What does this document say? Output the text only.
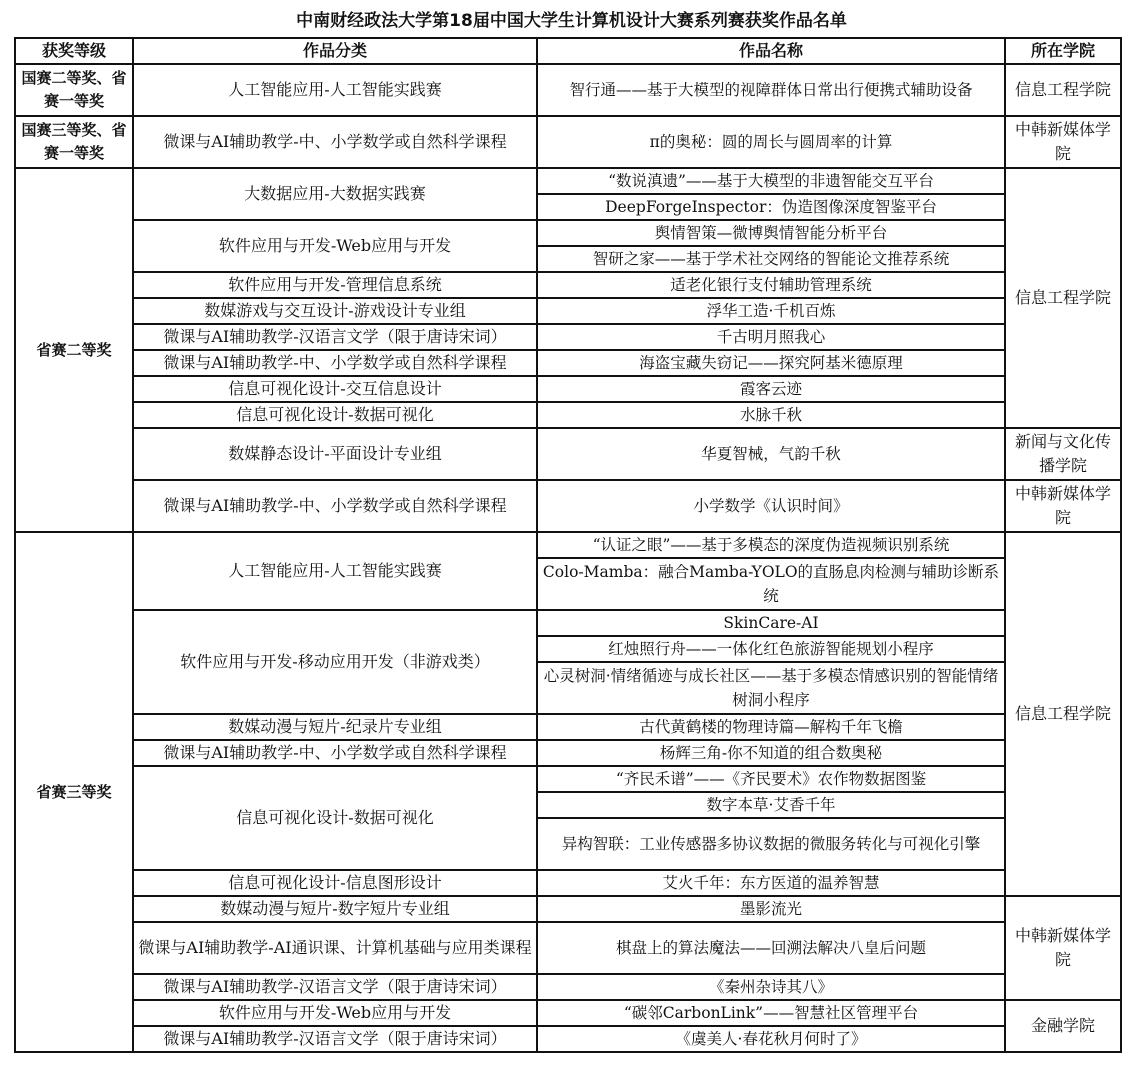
中南财经政法大学第18届中国大学生计算机设计大赛系列赛获奖作品名单
获奖等级	作品分类	作品名称	所在学院
国赛二等奖、省赛一等奖	人工智能应用-人工智能实践赛	智行通——基于大模型的视障群体日常出行便携式辅助设备	信息工程学院
国赛三等奖、省赛一等奖	微课与AI辅助教学-中、小学数学或自然科学课程	π的奥秘：圆的周长与圆周率的计算	中韩新媒体学院
省赛二等奖	大数据应用-大数据实践赛	“数说滇遗”——基于大模型的非遗智能交互平台	信息工程学院
		DeepForgeInspector：伪造图像深度智鉴平台	
	软件应用与开发-Web应用与开发	舆情智策—微博舆情智能分析平台	
		智研之家——基于学术社交网络的智能论文推荐系统	
	软件应用与开发-管理信息系统	适老化银行支付辅助管理系统	
	数媒游戏与交互设计-游戏设计专业组	浮华工造·千机百炼	
	微课与AI辅助教学-汉语言文学（限于唐诗宋词）	千古明月照我心	
	微课与AI辅助教学-中、小学数学或自然科学课程	海盗宝藏失窃记——探究阿基米德原理	
	信息可视化设计-交互信息设计	霞客云迹	
	信息可视化设计-数据可视化	水脉千秋	
	数媒静态设计-平面设计专业组	华夏智械，气韵千秋	新闻与文化传播学院
	微课与AI辅助教学-中、小学数学或自然科学课程	小学数学《认识时间》	中韩新媒体学院
省赛三等奖	人工智能应用-人工智能实践赛	“认证之眼”——基于多模态的深度伪造视频识别系统	信息工程学院
		Colo-Mamba：融合Mamba-YOLO的直肠息肉检测与辅助诊断系统	
	软件应用与开发-移动应用开发（非游戏类）	SkinCare-AI	
		红烛照行舟——一体化红色旅游智能规划小程序	
		心灵树洞·情绪循迹与成长社区——基于多模态情感识别的智能情绪树洞小程序	
	数媒动漫与短片-纪录片专业组	古代黄鹤楼的物理诗篇—解构千年飞檐	
	微课与AI辅助教学-中、小学数学或自然科学课程	杨辉三角-你不知道的组合数奥秘	
	信息可视化设计-数据可视化	“齐民禾谱”——《齐民要术》农作物数据图鉴	
		数字本草·艾香千年	
		异构智联：工业传感器多协议数据的微服务转化与可视化引擎	
	信息可视化设计-信息图形设计	艾火千年：东方医道的温养智慧	
	数媒动漫与短片-数字短片专业组	墨影流光	中韩新媒体学院
	微课与AI辅助教学-AI通识课、计算机基础与应用类课程	棋盘上的算法魔法——回溯法解决八皇后问题	
	微课与AI辅助教学-汉语言文学（限于唐诗宋词）	《秦州杂诗其八》	
	软件应用与开发-Web应用与开发	“碳邻CarbonLink”——智慧社区管理平台	金融学院
	微课与AI辅助教学-汉语言文学（限于唐诗宋词）	《虞美人·春花秋月何时了》	
